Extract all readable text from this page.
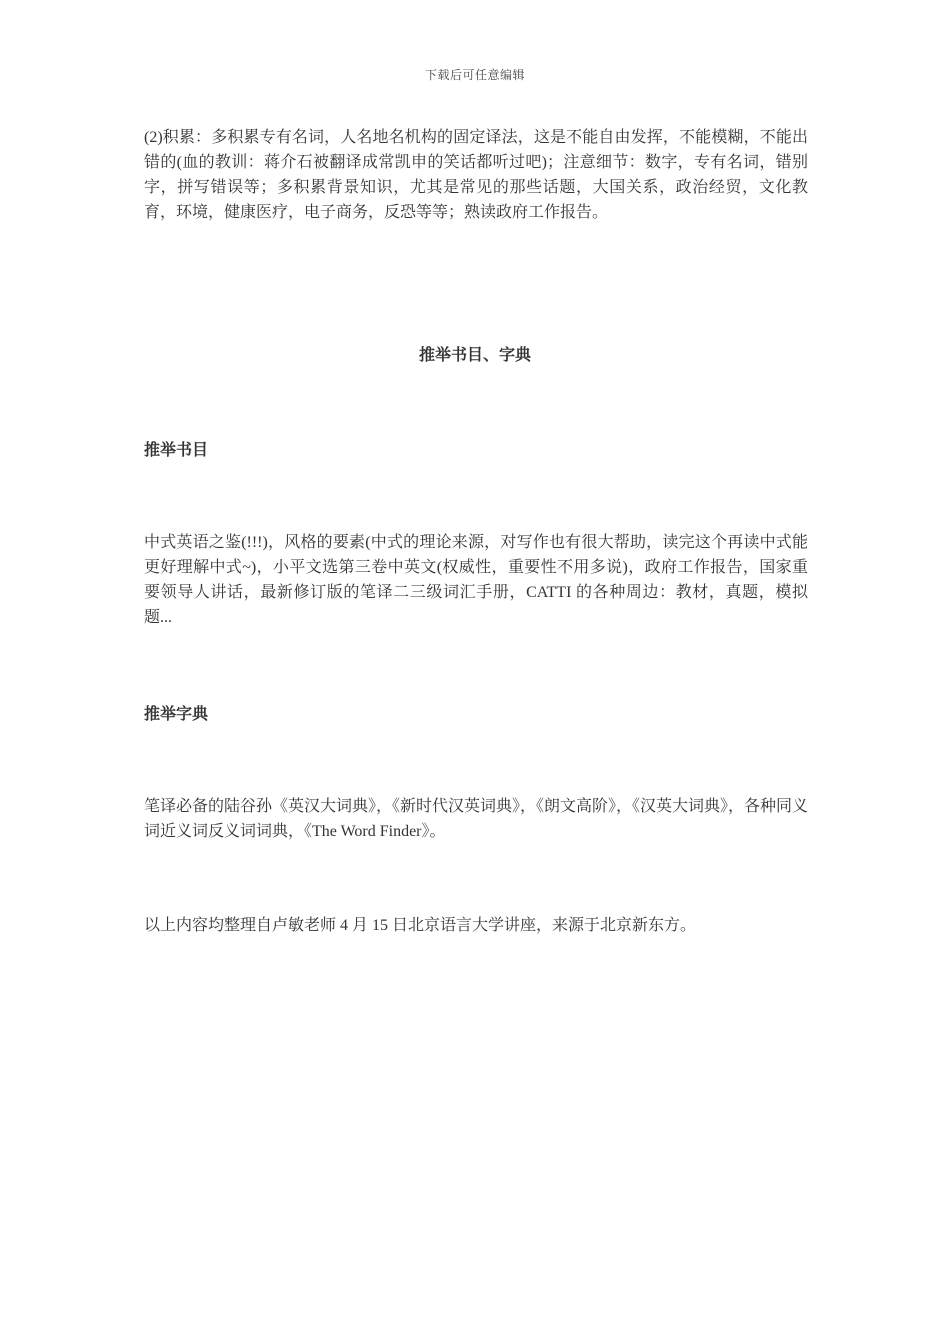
下载后可任意编辑
(2)积累：多积累专有名词，人名地名机构的固定译法，这是不能自由发挥，不能模糊，不能出错的(血的教训：蒋介石被翻译成常凯申的笑话都听过吧)；注意细节：数字，专有名词，错别字，拼写错误等；多积累背景知识，尤其是常见的那些话题，大国关系，政治经贸，文化教育，环境，健康医疗，电子商务，反恐等等；熟读政府工作报告。
推举书目、字典
推举书目
中式英语之鉴(!!!)，风格的要素(中式的理论来源，对写作也有很大帮助，读完这个再读中式能更好理解中式~)，小平文选第三卷中英文(权威性，重要性不用多说)，政府工作报告，国家重要领导人讲话，最新修订版的笔译二三级词汇手册，CATTI 的各种周边：教材，真题，模拟题...
推举字典
笔译必备的陆谷孙《英汉大词典》，《新时代汉英词典》，《朗文高阶》，《汉英大词典》，各种同义词近义词反义词词典，《The Word Finder》。
以上内容均整理自卢敏老师 4 月 15 日北京语言大学讲座，来源于北京新东方。
